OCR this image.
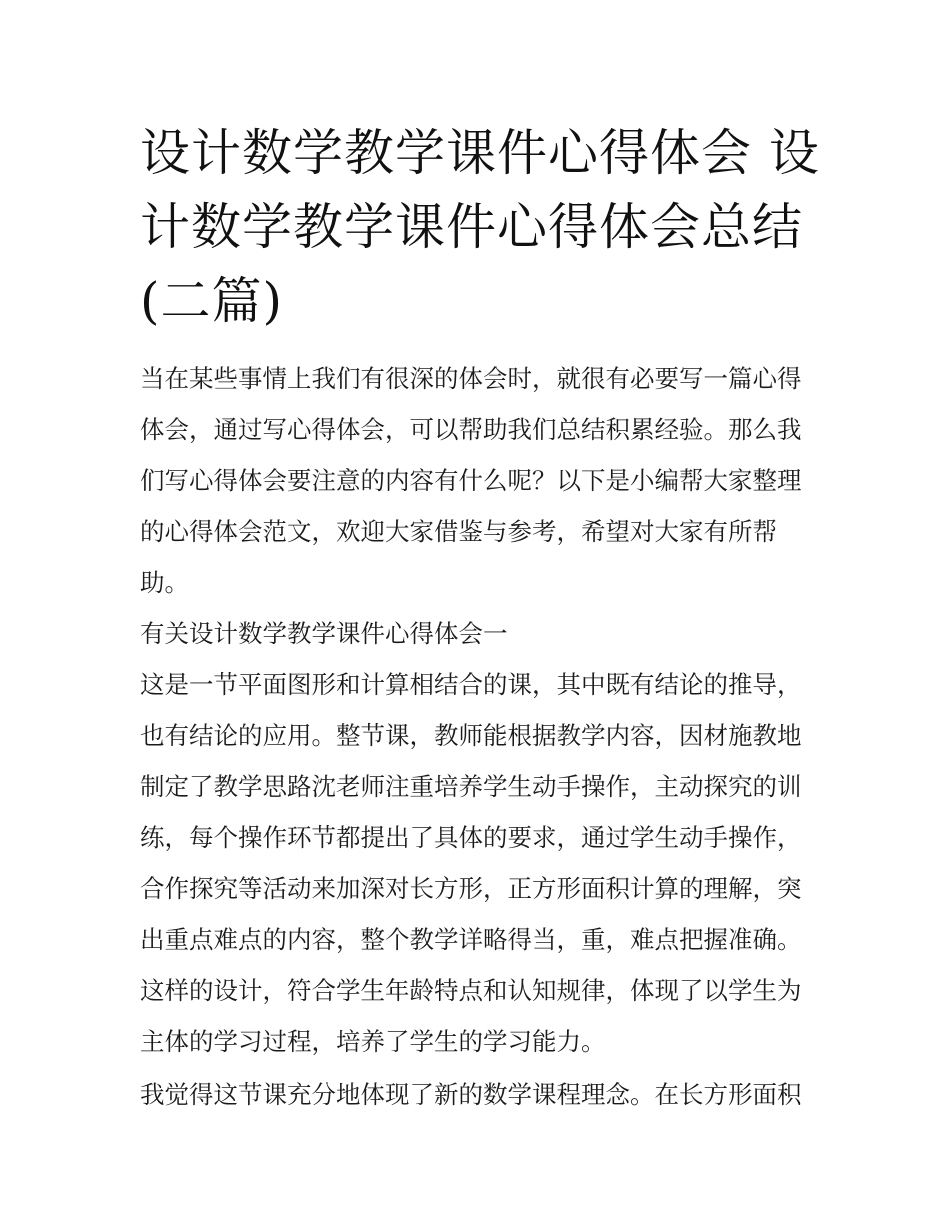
设计数学教学课件心得体会 设
计数学教学课件心得体会总结
(二篇)
当在某些事情上我们有很深的体会时，就很有必要写一篇心得
体会，通过写心得体会，可以帮助我们总结积累经验。那么我
们写心得体会要注意的内容有什么呢？以下是小编帮大家整理
的心得体会范文，欢迎大家借鉴与参考，希望对大家有所帮
助。
有关设计数学教学课件心得体会一
这是一节平面图形和计算相结合的课，其中既有结论的推导，
也有结论的应用。整节课，教师能根据教学内容，因材施教地
制定了教学思路沈老师注重培养学生动手操作，主动探究的训
练，每个操作环节都提出了具体的要求，通过学生动手操作，
合作探究等活动来加深对长方形，正方形面积计算的理解，突
出重点难点的内容，整个教学详略得当，重，难点把握准确。
这样的设计，符合学生年龄特点和认知规律，体现了以学生为
主体的学习过程，培养了学生的学习能力。
我觉得这节课充分地体现了新的数学课程理念。在长方形面积
